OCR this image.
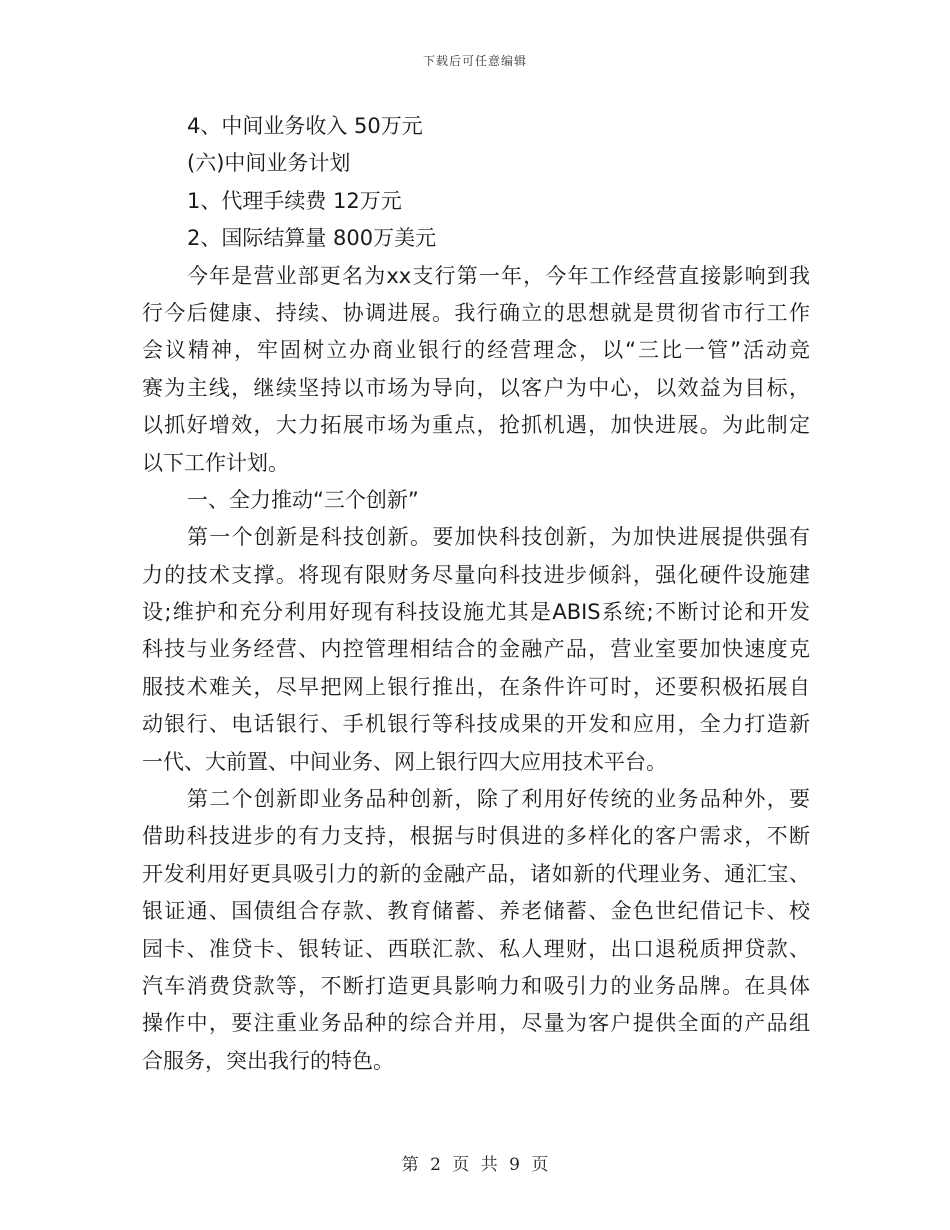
下载后可任意编辑

4、中间业务收入 50万元

(六)中间业务计划

1、代理手续费 12万元

2、国际结算量 800万美元

今年是营业部更名为xx支行第一年，今年工作经营直接影响到我

行今后健康、持续、协调进展。我行确立的思想就是贯彻省市行工作

会议精神，牢固树立办商业银行的经营理念，以“三比一管”活动竞

赛为主线，继续坚持以市场为导向，以客户为中心，以效益为目标，

以抓好增效，大力拓展市场为重点，抢抓机遇，加快进展。为此制定

以下工作计划。

一、全力推动“三个创新”

第一个创新是科技创新。要加快科技创新，为加快进展提供强有

力的技术支撑。将现有限财务尽量向科技进步倾斜，强化硬件设施建

设;维护和充分利用好现有科技设施尤其是ABIS系统;不断讨论和开发

科技与业务经营、内控管理相结合的金融产品，营业室要加快速度克

服技术难关，尽早把网上银行推出，在条件许可时，还要积极拓展自

动银行、电话银行、手机银行等科技成果的开发和应用，全力打造新

一代、大前置、中间业务、网上银行四大应用技术平台。

第二个创新即业务品种创新，除了利用好传统的业务品种外，要

借助科技进步的有力支持，根据与时俱进的多样化的客户需求，不断

开发利用好更具吸引力的新的金融产品，诸如新的代理业务、通汇宝、

银证通、国债组合存款、教育储蓄、养老储蓄、金色世纪借记卡、校

园卡、准贷卡、银转证、西联汇款、私人理财，出口退税质押贷款、

汽车消费贷款等，不断打造更具影响力和吸引力的业务品牌。在具体

操作中，要注重业务品种的综合并用，尽量为客户提供全面的产品组

合服务，突出我行的特色。

第 2 页 共 9 页
